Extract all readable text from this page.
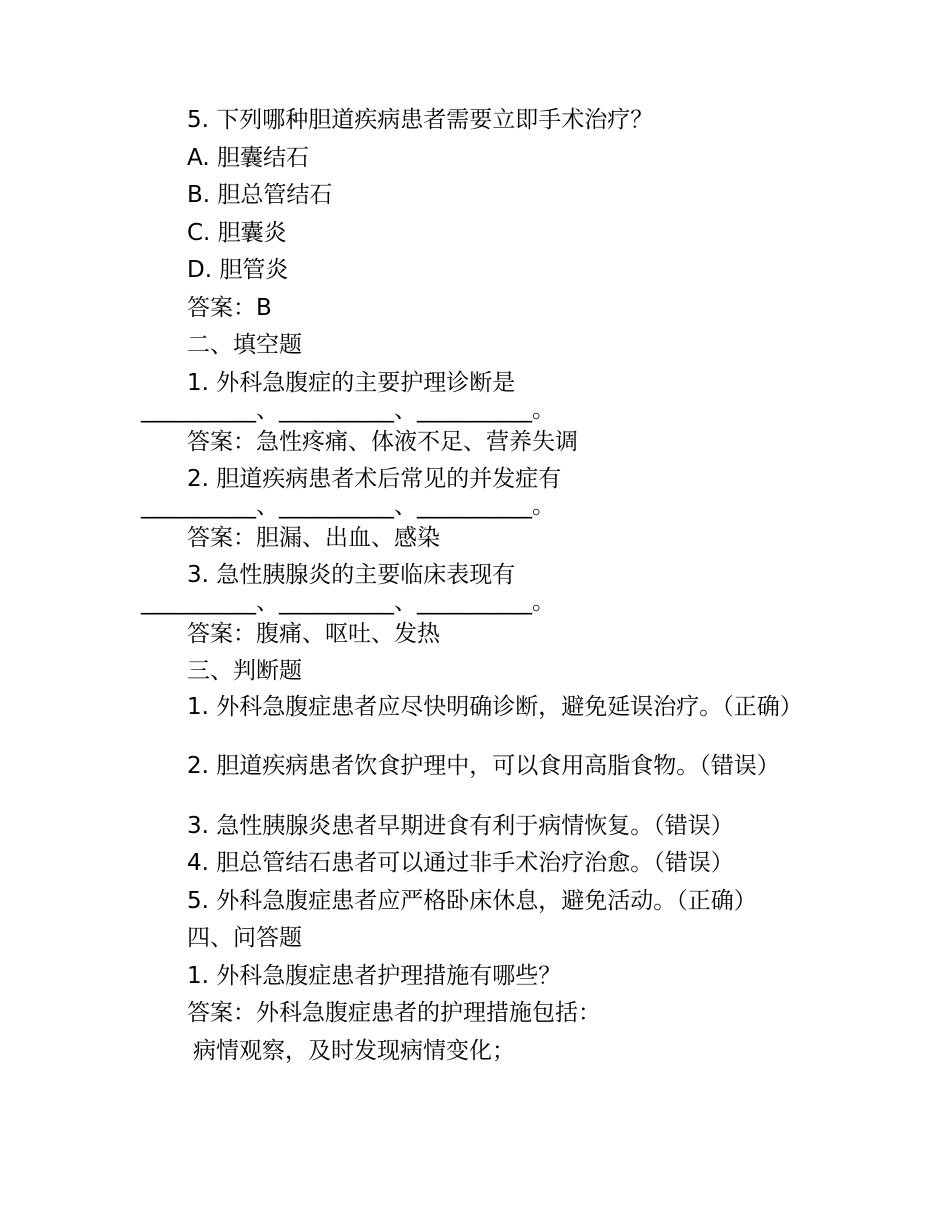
5. 下列哪种胆道疾病患者需要立即手术治疗？
A. 胆囊结石
B. 胆总管结石
C. 胆囊炎
D. 胆管炎
答案：B
二、填空题
1. 外科急腹症的主要护理诊断是
__________、__________、__________。
答案：急性疼痛、体液不足、营养失调
2. 胆道疾病患者术后常见的并发症有
__________、__________、__________。
答案：胆漏、出血、感染
3. 急性胰腺炎的主要临床表现有
__________、__________、__________。
答案：腹痛、呕吐、发热
三、判断题
1. 外科急腹症患者应尽快明确诊断，避免延误治疗。（正确）
2. 胆道疾病患者饮食护理中，可以食用高脂食物。（错误）
3. 急性胰腺炎患者早期进食有利于病情恢复。（错误）
4. 胆总管结石患者可以通过非手术治疗治愈。（错误）
5. 外科急腹症患者应严格卧床休息，避免活动。（正确）
四、问答题
1. 外科急腹症患者护理措施有哪些？
答案：外科急腹症患者的护理措施包括：
病情观察，及时发现病情变化；
